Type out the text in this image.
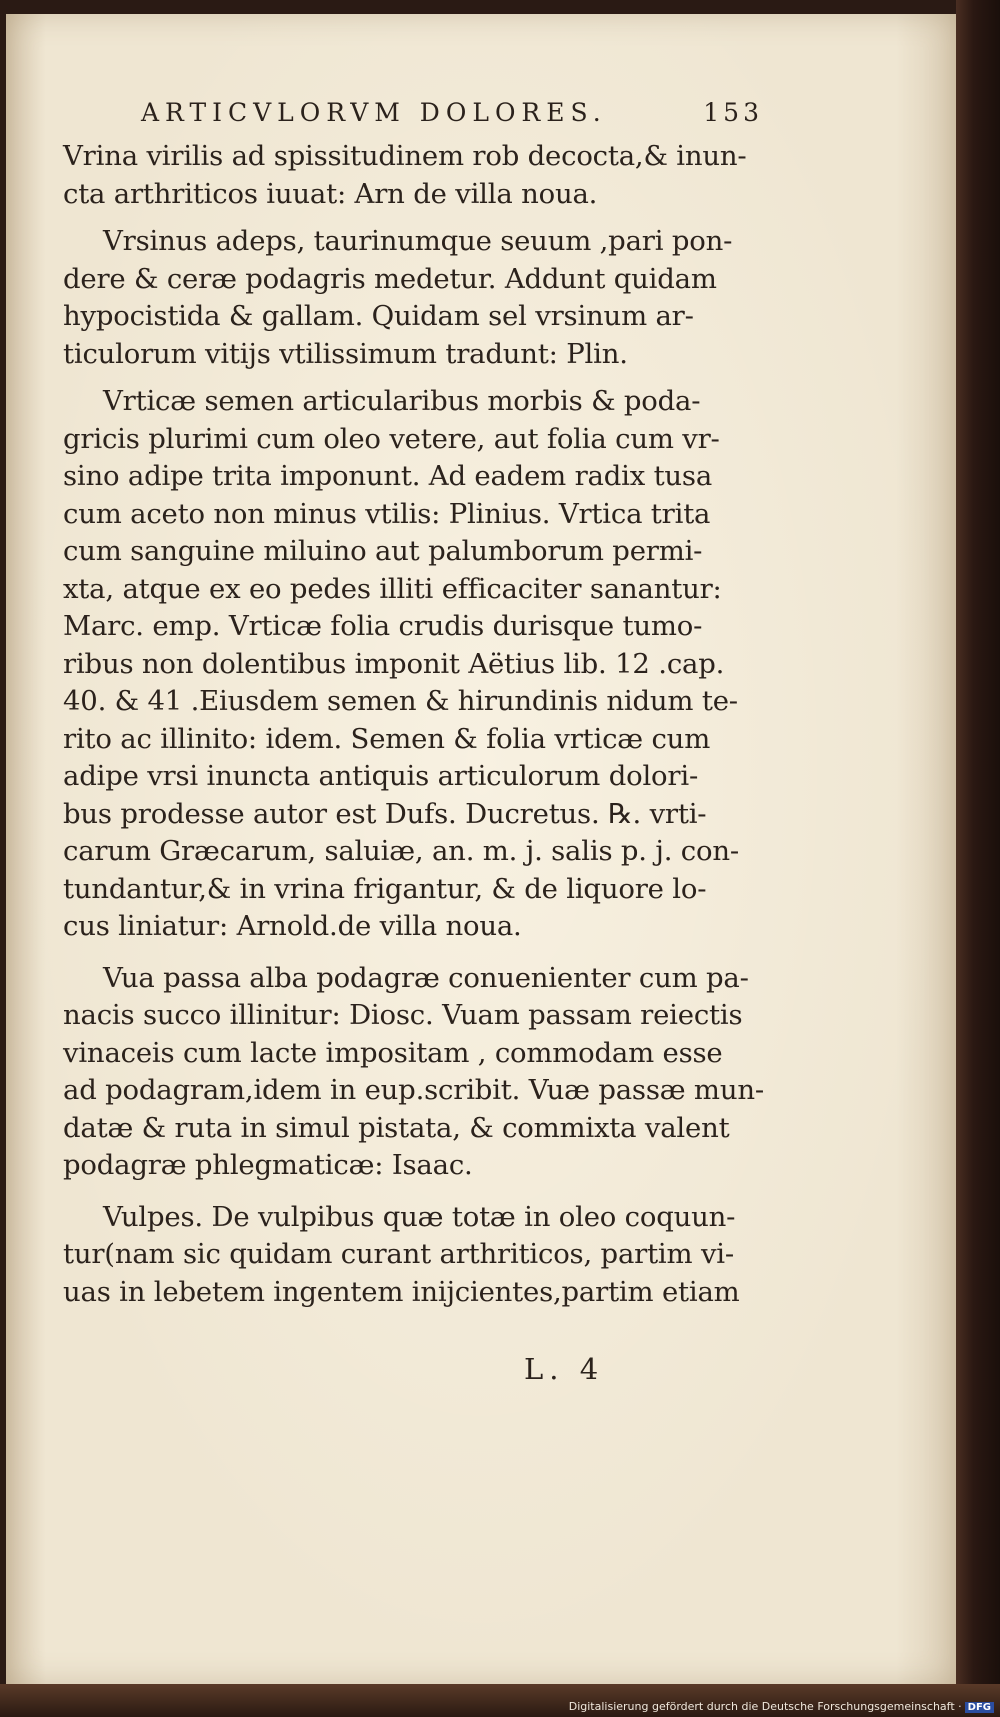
ARTICVLORVM DOLORES.	153
Vrina virilis ad spissitudinem rob decocta,& inun-
cta arthriticos iuuat: Arn de villa noua.
Vrsinus adeps, taurinumque seuum ,pari pon-
dere & ceræ podagris medetur. Addunt quidam
hypocistida & gallam. Quidam sel vrsinum ar-
ticulorum vitijs vtilissimum tradunt: Plin.
Vrticæ semen articularibus morbis & poda-
gricis plurimi cum oleo vetere, aut folia cum vr-
sino adipe trita imponunt. Ad eadem radix tusa
cum aceto non minus vtilis: Plinius. Vrtica trita
cum sanguine miluino aut palumborum permi-
xta, atque ex eo pedes illiti efficaciter sanantur:
Marc. emp. Vrticæ folia crudis durisque tumo-
ribus non dolentibus imponit Aëtius lib. 12 .cap.
40. & 41 .Eiusdem semen & hirundinis nidum te-
rito ac illinito: idem. Semen & folia vrticæ cum
adipe vrsi inuncta antiquis articulorum dolori-
bus prodesse autor est Dufs. Ducretus. ℞. vrti-
carum Græcarum, saluiæ, an. m. j. salis p. j. con-
tundantur,& in vrina frigantur, & de liquore lo-
cus liniatur: Arnold.de villa noua.
Vua passa alba podagræ conuenienter cum pa-
nacis succo illinitur: Diosc. Vuam passam reiectis
vinaceis cum lacte impositam , commodam esse
ad podagram,idem in eup.scribit. Vuæ passæ mun-
datæ & ruta in simul pistata, & commixta valent
podagræ phlegmaticæ: Isaac.
Vulpes. De vulpibus quæ totæ in oleo coquun-
tur(nam sic quidam curant arthriticos, partim vi-
uas in lebetem ingentem inijcientes,partim etiam
L. 4
Digitalisierung gefördert durch die Deutsche Forschungsgemeinschaft · DFG
